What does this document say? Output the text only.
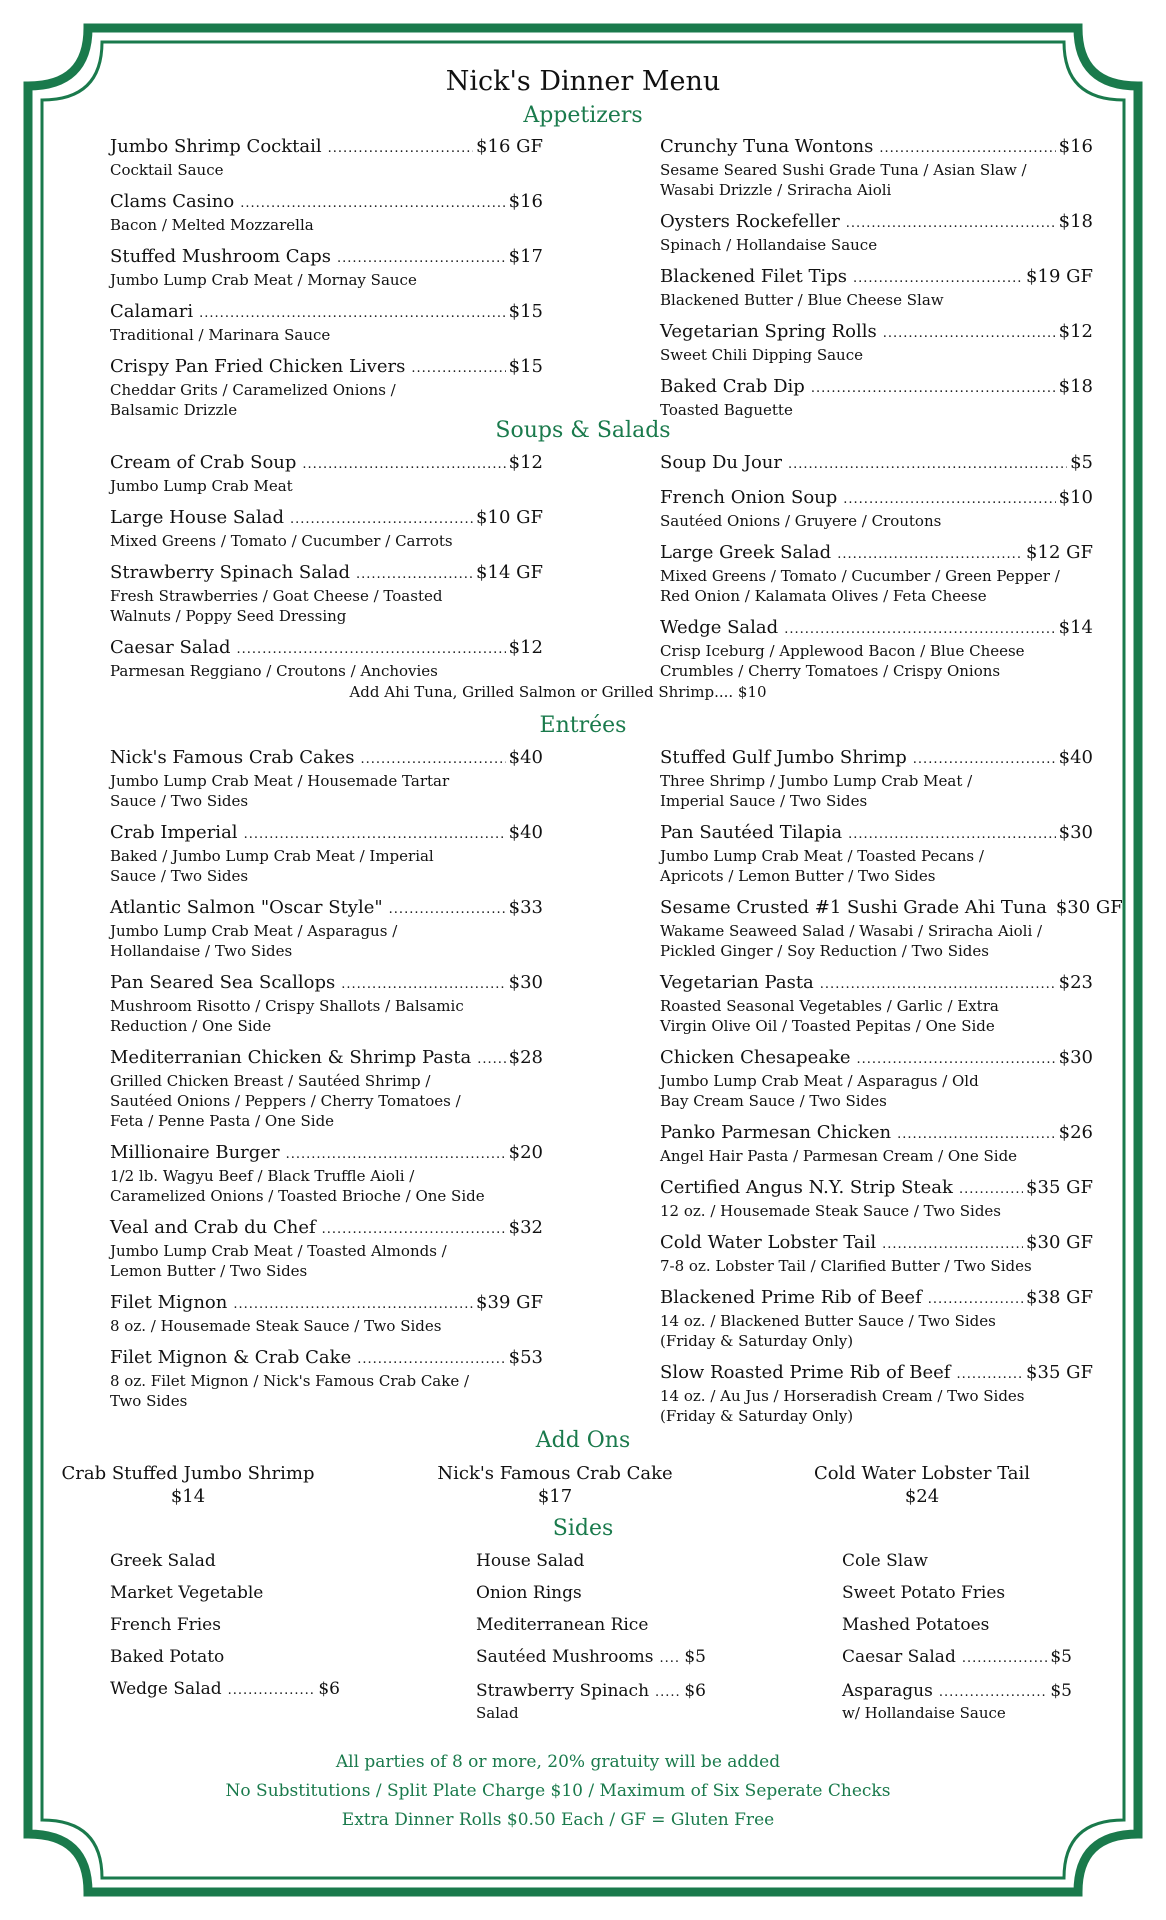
Nick's Dinner Menu
Appetizers
Jumbo Shrimp Cocktail .....	$16 GF
Cocktail Sauce
Clams Casino .....	$16
Bacon / Melted Mozzarella
Stuffed Mushroom Caps .....	$17
Jumbo Lump Crab Meat / Mornay Sauce
Calamari .....	$15
Traditional / Marinara Sauce
Crispy Pan Fried Chicken Livers .....	$15
Cheddar Grits / Caramelized Onions /
Balsamic Drizzle
Crunchy Tuna Wontons .....	$16
Sesame Seared Sushi Grade Tuna / Asian Slaw /
Wasabi Drizzle / Sriracha Aioli
Oysters Rockefeller .....	$18
Spinach / Hollandaise Sauce
Blackened Filet Tips .....	$19 GF
Blackened Butter / Blue Cheese Slaw
Vegetarian Spring Rolls .....	$12
Sweet Chili Dipping Sauce
Baked Crab Dip .....	$18
Toasted Baguette
Soups & Salads
Cream of Crab Soup .....	$12
Jumbo Lump Crab Meat
Large House Salad .....	$10 GF
Mixed Greens / Tomato / Cucumber / Carrots
Strawberry Spinach Salad .....	$14 GF
Fresh Strawberries / Goat Cheese / Toasted
Walnuts / Poppy Seed Dressing
Caesar Salad .....	$12
Parmesan Reggiano / Croutons / Anchovies
Soup Du Jour .....	$5
French Onion Soup .....	$10
Sautéed Onions / Gruyere / Croutons
Large Greek Salad .....	$12 GF
Mixed Greens / Tomato / Cucumber / Green Pepper /
Red Onion / Kalamata Olives / Feta Cheese
Wedge Salad .....	$14
Crisp Iceburg / Applewood Bacon / Blue Cheese
Crumbles / Cherry Tomatoes / Crispy Onions
Add Ahi Tuna, Grilled Salmon or Grilled Shrimp.... $10
Entrées
Nick's Famous Crab Cakes .....	$40
Jumbo Lump Crab Meat / Housemade Tartar
Sauce / Two Sides
Crab Imperial .....	$40
Baked / Jumbo Lump Crab Meat / Imperial
Sauce / Two Sides
Atlantic Salmon "Oscar Style" .....	$33
Jumbo Lump Crab Meat / Asparagus /
Hollandaise / Two Sides
Pan Seared Sea Scallops .....	$30
Mushroom Risotto / Crispy Shallots / Balsamic
Reduction / One Side
Mediterranian Chicken & Shrimp Pasta ..... $28
Grilled Chicken Breast / Sautéed Shrimp /
Sautéed Onions / Peppers / Cherry Tomatoes /
Feta / Penne Pasta / One Side
Millionaire Burger .....	$20
1/2 lb. Wagyu Beef / Black Truffle Aioli /
Caramelized Onions / Toasted Brioche / One Side
Veal and Crab du Chef .....	$32
Jumbo Lump Crab Meat / Toasted Almonds /
Lemon Butter / Two Sides
Filet Mignon .....	$39 GF
8 oz. / Housemade Steak Sauce / Two Sides
Filet Mignon & Crab Cake .....	$53
8 oz. Filet Mignon / Nick's Famous Crab Cake /
Two Sides
Stuffed Gulf Jumbo Shrimp .....	$40
Three Shrimp / Jumbo Lump Crab Meat /
Imperial Sauce / Two Sides
Pan Sautéed Tilapia .....	$30
Jumbo Lump Crab Meat / Toasted Pecans /
Apricots / Lemon Butter / Two Sides
Sesame Crusted #1 Sushi Grade Ahi Tuna $30 GF
Wakame Seaweed Salad / Wasabi / Sriracha Aioli /
Pickled Ginger / Soy Reduction / Two Sides
Vegetarian Pasta .....	$23
Roasted Seasonal Vegetables / Garlic / Extra
Virgin Olive Oil / Toasted Pepitas / One Side
Chicken Chesapeake .....	$30
Jumbo Lump Crab Meat / Asparagus / Old
Bay Cream Sauce / Two Sides
Panko Parmesan Chicken .....	$26
Angel Hair Pasta / Parmesan Cream / One Side
Certified Angus N.Y. Strip Steak .....	$35 GF
12 oz. / Housemade Steak Sauce / Two Sides
Cold Water Lobster Tail .....	$30 GF
7-8 oz. Lobster Tail / Clarified Butter / Two Sides
Blackened Prime Rib of Beef .....	$38 GF
14 oz. / Blackened Butter Sauce / Two Sides
(Friday & Saturday Only)
Slow Roasted Prime Rib of Beef .....	$35 GF
14 oz. / Au Jus / Horseradish Cream / Two Sides
(Friday & Saturday Only)
Add Ons
Crab Stuffed Jumbo Shrimp
$14
Nick's Famous Crab Cake
$17
Cold Water Lobster Tail
$24
Sides
Greek Salad
Market Vegetable
French Fries
Baked Potato
Wedge Salad .....	$6
House Salad
Onion Rings
Mediterranean Rice
Sautéed Mushrooms ..... $5
Strawberry Spinach ..... $6
Salad
Cole Slaw
Sweet Potato Fries
Mashed Potatoes
Caesar Salad .....	$5
Asparagus .....	$5
w/ Hollandaise Sauce
All parties of 8 or more, 20% gratuity will be added
No Substitutions / Split Plate Charge $10 / Maximum of Six Seperate Checks
Extra Dinner Rolls $0.50 Each / GF = Gluten Free
